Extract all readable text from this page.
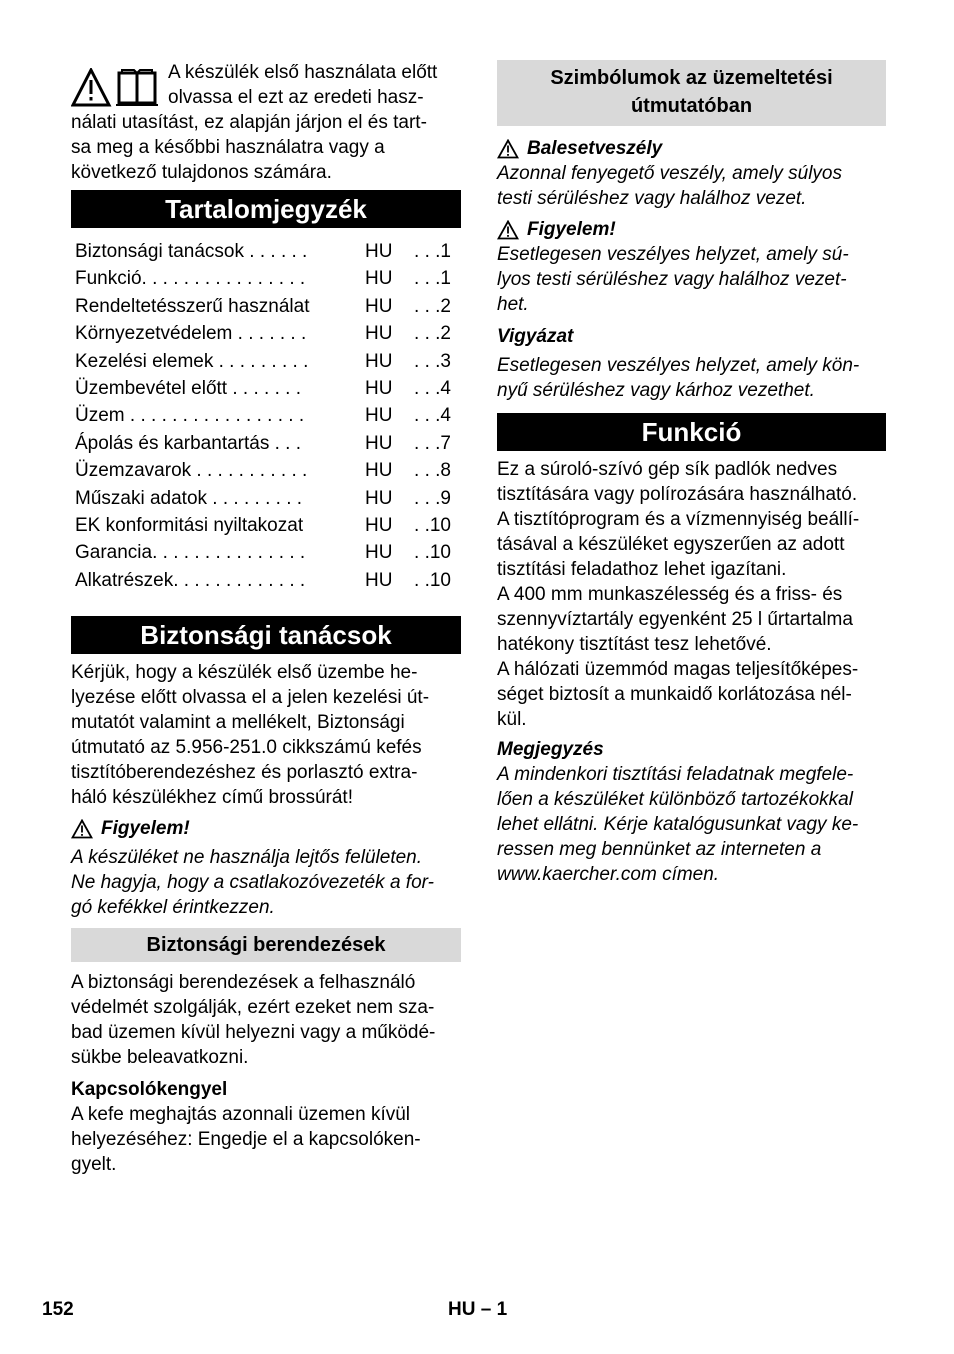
A készülék első használata előtt

olvassa el ezt az eredeti hasz-

nálati utasítást, ez alapján járjon el és tart-

sa meg a későbbi használatra vagy a

következő tulajdonos számára.

Tartalomjegyzék
Biztonsági tanácsok . . . . . .	HU	. . .1
Funkció. . . . . . . . . . . . . . . .	HU	. . .1
Rendeltetésszerű használat	HU	. . .2
Környezetvédelem . . . . . . .	HU	. . .2
Kezelési elemek . . . . . . . . .	HU	. . .3
Üzembevétel előtt . . . . . . .	HU	. . .4
Üzem . . . . . . . . . . . . . . . . .	HU	. . .4
Ápolás és karbantartás . . .	HU	. . .7
Üzemzavarok . . . . . . . . . . .	HU	. . .8
Műszaki adatok . . . . . . . . .	HU	. . .9
EK konformitási nyiltakozat	HU	. .10
Garancia. . . . . . . . . . . . . . .	HU	. .10
Alkatrészek. . . . . . . . . . . . .	HU	. .10
Biztonsági tanácsok

Kérjük, hogy a készülék első üzembe he-

lyezése előtt olvassa el a jelen kezelési út-

mutatót valamint a mellékelt, Biztonsági

útmutató az 5.956-251.0 cikkszámú kefés

tisztítóberendezéshez és porlasztó extra-

háló készülékhez című brossúrát!

Figyelem!

A készüléket ne használja lejtős felületen.

Ne hagyja, hogy a csatlakozóvezeték a for-

gó kefékkel érintkezzen.

Biztonsági berendezések

A biztonsági berendezések a felhasználó

védelmét szolgálják, ezért ezeket nem sza-

bad üzemen kívül helyezni vagy a működé-

sükbe beleavatkozni.

Kapcsolókengyel

A kefe meghajtás azonnali üzemen kívül

helyezéséhez: Engedje el a kapcsolóken-

gyelt.

Szimbólumok az üzemeltetési
útmutatóban

Balesetveszély

Azonnal fenyegető veszély, amely súlyos

testi sérüléshez vagy halálhoz vezet.

Figyelem!

Esetlegesen veszélyes helyzet, amely sú-

lyos testi sérüléshez vagy halálhoz vezet-

het.

Vigyázat

Esetlegesen veszélyes helyzet, amely kön-

nyű sérüléshez vagy kárhoz vezethet.

Funkció

Ez a súroló-szívó gép sík padlók nedves

tisztítására vagy polírozására használható.

A tisztítóprogram és a vízmennyiség beállí-

tásával a készüléket egyszerűen az adott

tisztítási feladathoz lehet igazítani.

A 400 mm munkaszélesség és a friss- és

szennyvíztartály egyenként 25 l űrtartalma

hatékony tisztítást tesz lehetővé.

A hálózati üzemmód magas teljesítőképes-

séget biztosít a munkaidő korlátozása nél-

kül.

Megjegyzés

A mindenkori tisztítási feladatnak megfele-

lően a készüléket különböző tartozékokkal

lehet ellátni. Kérje katalógusunkat vagy ke-

ressen meg bennünket az interneten a

www.kaercher.com címen.

152	HU – 1
